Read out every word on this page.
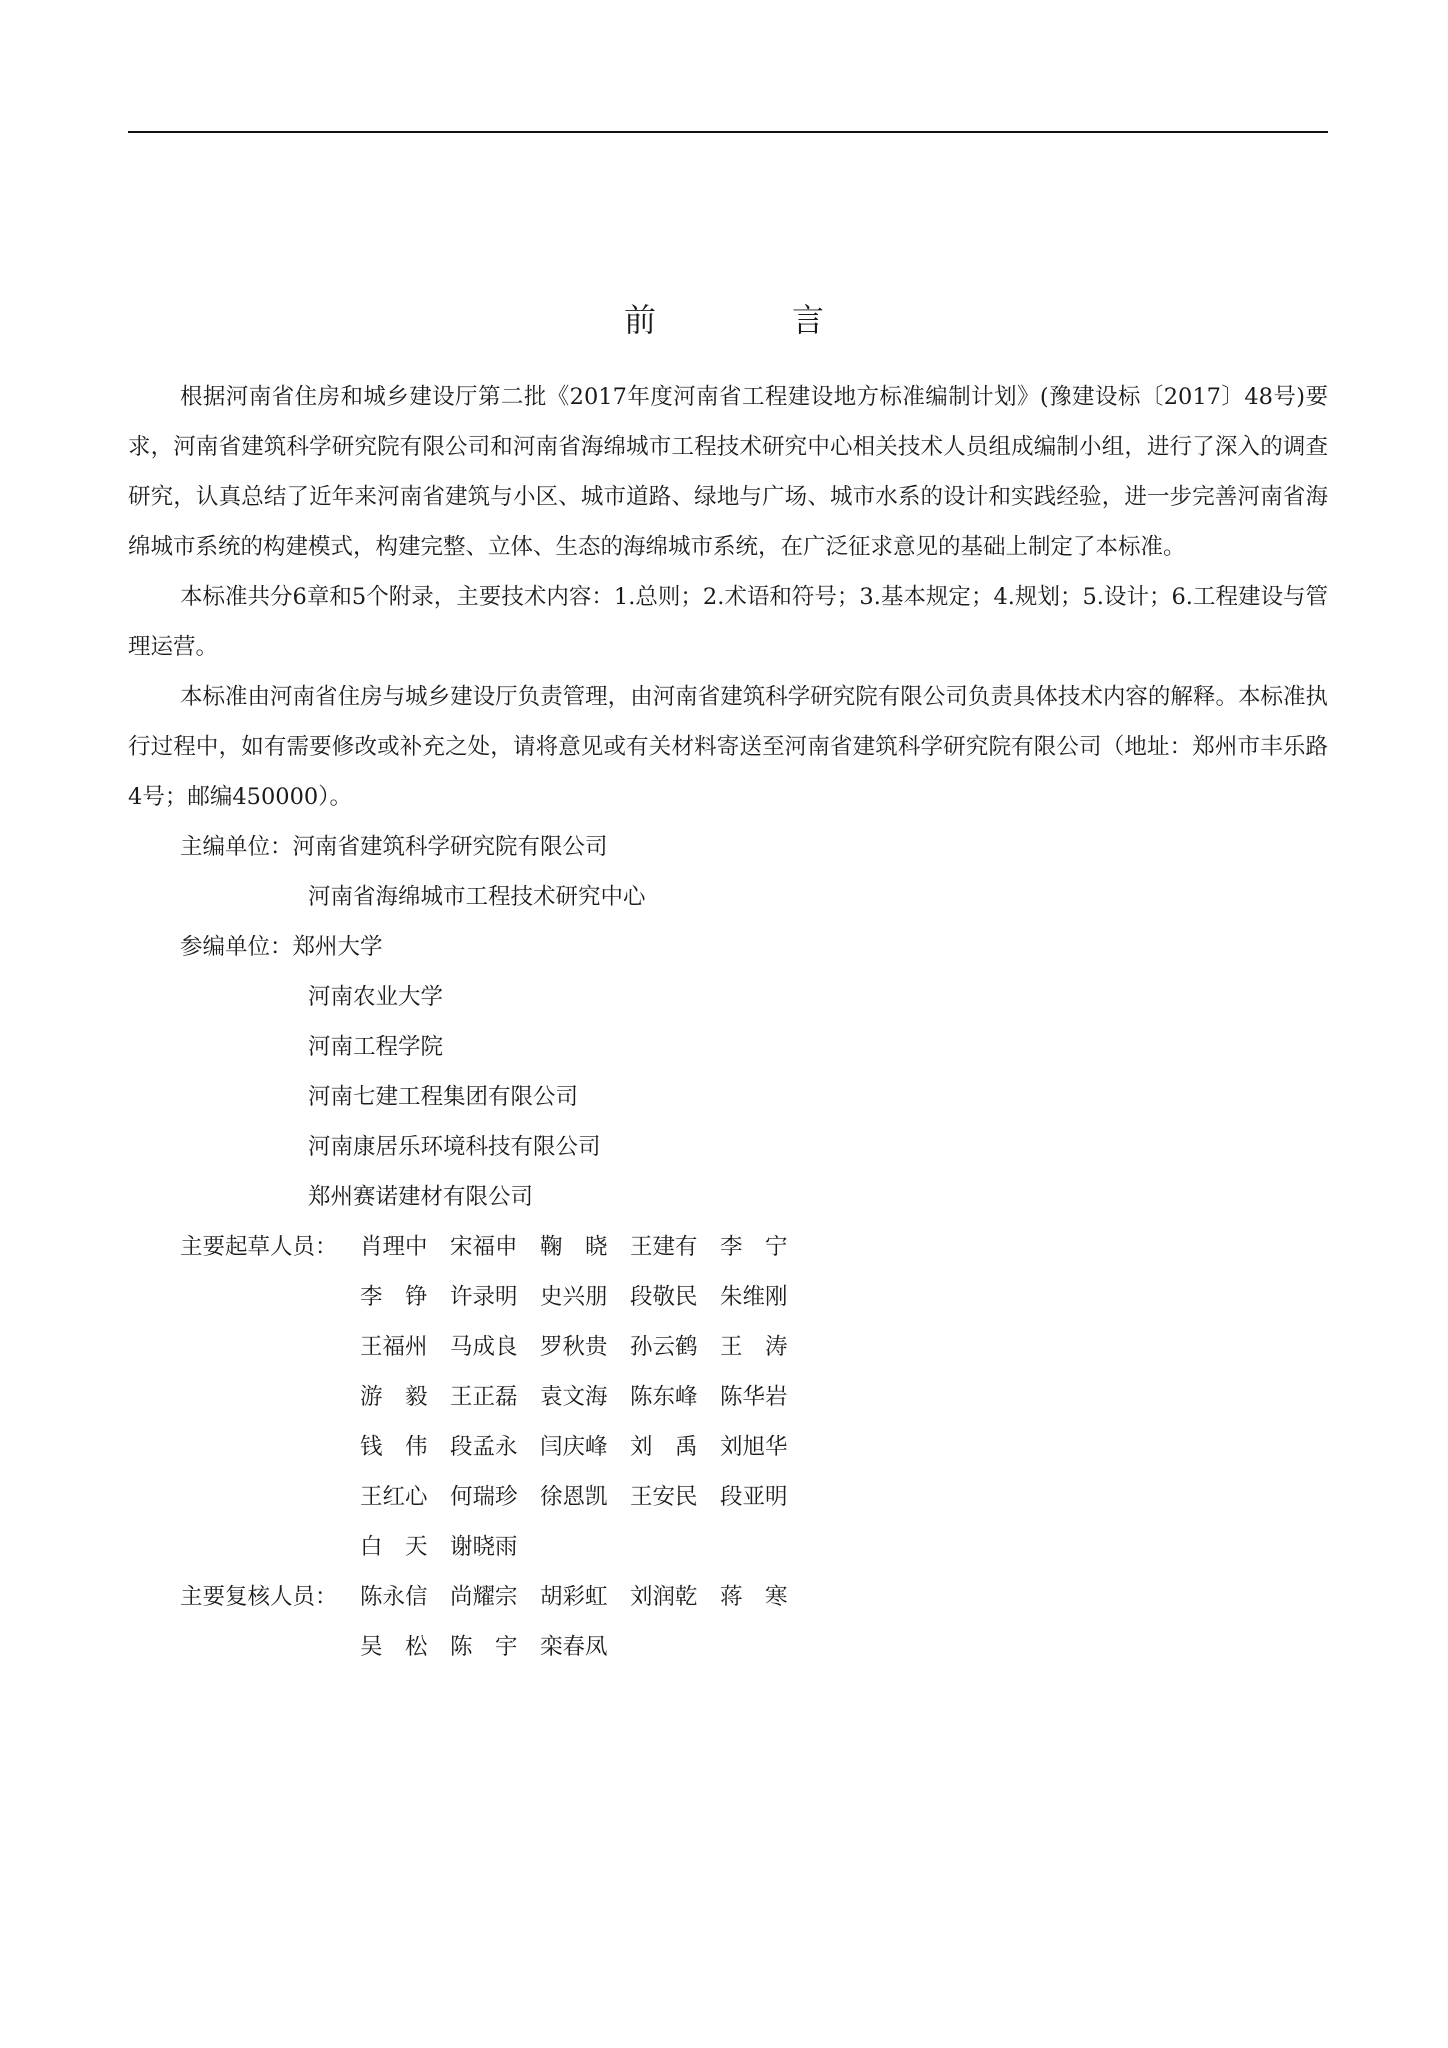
前　言

根据河南省住房和城乡建设厅第二批《2017年度河南省工程建设地方标准编制计划》(豫建设标〔2017〕48号)要求，河南省建筑科学研究院有限公司和河南省海绵城市工程技术研究中心相关技术人员组成编制小组，进行了深入的调查研究，认真总结了近年来河南省建筑与小区、城市道路、绿地与广场、城市水系的设计和实践经验，进一步完善河南省海绵城市系统的构建模式，构建完整、立体、生态的海绵城市系统，在广泛征求意见的基础上制定了本标准。

本标准共分6章和5个附录，主要技术内容：1.总则；2.术语和符号；3.基本规定；4.规划；5.设计；6.工程建设与管理运营。

本标准由河南省住房与城乡建设厅负责管理，由河南省建筑科学研究院有限公司负责具体技术内容的解释。本标准执行过程中，如有需要修改或补充之处，请将意见或有关材料寄送至河南省建筑科学研究院有限公司（地址：郑州市丰乐路4号；邮编450000）。

主编单位： 河南省建筑科学研究院有限公司
河南省海绵城市工程技术研究中心
参编单位： 郑州大学
河南农业大学
河南工程学院
河南七建工程集团有限公司
河南康居乐环境科技有限公司
郑州赛诺建材有限公司
主要起草人员： 肖理中 宋福申 鞠　晓 王建有 李　宁
李　铮 许录明 史兴朋 段敬民 朱维刚
王福州 马成良 罗秋贵 孙云鹤 王　涛
游　毅 王正磊 袁文海 陈东峰 陈华岩
钱　伟 段孟永 闫庆峰 刘　禹 刘旭华
王红心 何瑞珍 徐恩凯 王安民 段亚明
白　天 谢晓雨
主要复核人员： 陈永信 尚耀宗 胡彩虹 刘润乾 蒋　寒
吴　松 陈　宇 栾春凤
